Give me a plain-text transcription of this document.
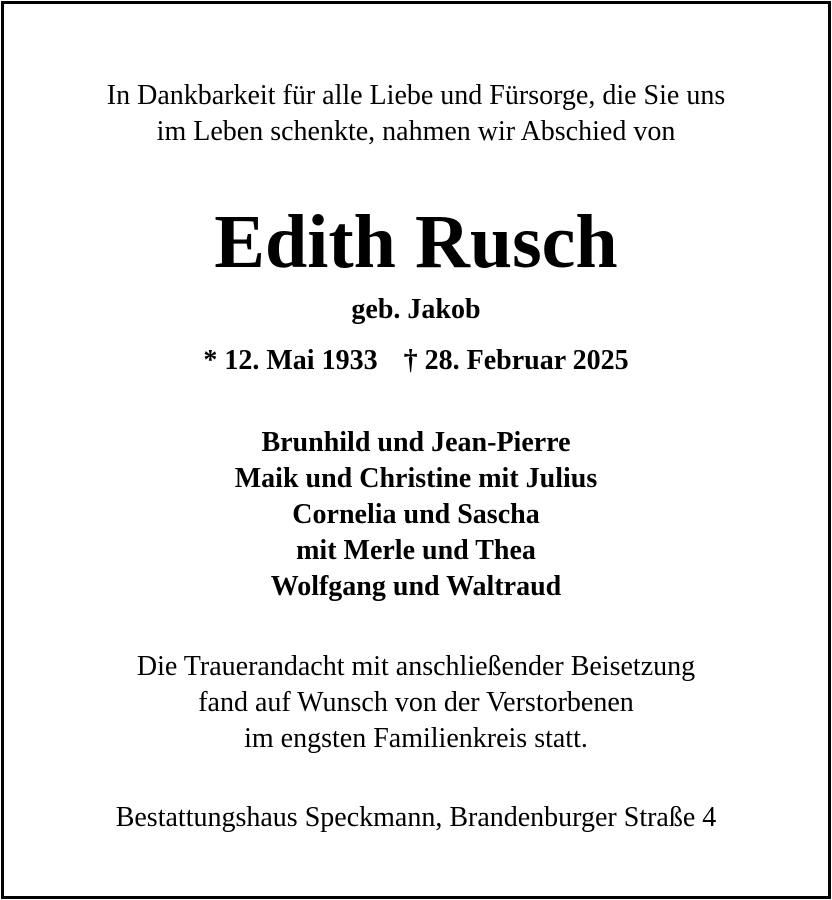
In Dankbarkeit für alle Liebe und Fürsorge, die Sie uns
im Leben schenkte, nahmen wir Abschied von
Edith Rusch
geb. Jakob
* 12. Mai 1933 † 28. Februar 2025
Brunhild und Jean-Pierre
Maik und Christine mit Julius
Cornelia und Sascha
mit Merle und Thea
Wolfgang und Waltraud
Die Trauerandacht mit anschließender Beisetzung
fand auf Wunsch von der Verstorbenen
im engsten Familienkreis statt.
Bestattungshaus Speckmann, Brandenburger Straße 4
